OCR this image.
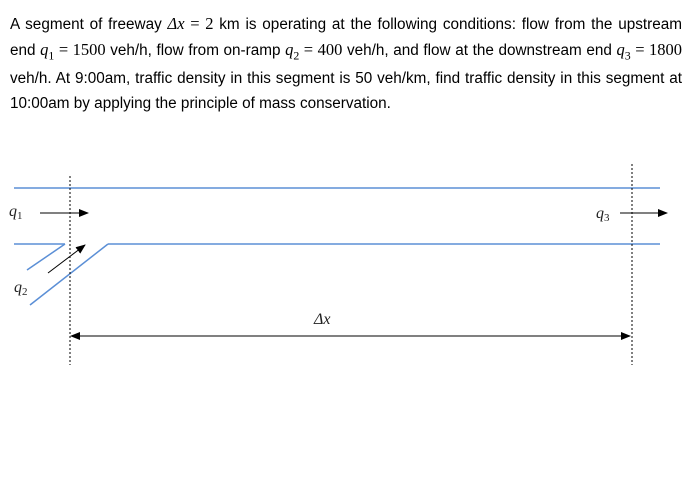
A segment of freeway Δx = 2 km is operating at the following conditions: flow from the upstream end $q_1 = 1500$ veh/h, flow from on-ramp $q_2 = 400$ veh/h, and flow at the downstream end $q_3 = 1800$ veh/h. At 9:00am, traffic density in this segment is 50 veh/km, find traffic density in this segment at 10:00am by applying the principle of mass conservation.

q1
q2
q3
Δx
